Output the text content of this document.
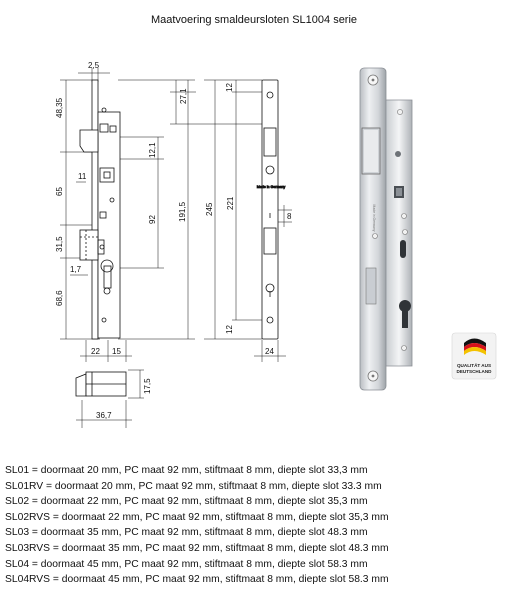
Maatvoering smaldeursloten SL1004 serie
Made in Germany
2,5
48,35
27,1
12
12,1
11
65
92	191,5 245 221
8
31,5
1,7
68,6
12
22 15	24
17,5
36,7
Made in Germany
QUALITÄT AUS
DEUTSCHLAND
SL01 = doormaat 20 mm, PC maat 92 mm, stiftmaat 8 mm, diepte slot 33,3 mm
SL01RV = doormaat 20 mm, PC maat 92 mm, stiftmaat 8 mm, diepte slot 33.3 mm
SL02 = doormaat 22 mm, PC maat 92 mm, stiftmaat 8 mm, diepte slot 35,3 mm
SL02RVS = doormaat 22 mm, PC maat 92 mm, stiftmaat 8 mm, diepte slot 35,3 mm
SL03 = doormaat 35 mm, PC maat 92 mm, stiftmaat 8 mm, diepte slot 48.3 mm
SL03RVS = doormaat 35 mm, PC maat 92 mm, stiftmaat 8 mm, diepte slot 48.3 mm
SL04 = doormaat 45 mm, PC maat 92 mm, stiftmaat 8 mm, diepte slot 58.3 mm
SL04RVS = doormaat 45 mm, PC maat 92 mm, stiftmaat 8 mm, diepte slot 58.3 mm
